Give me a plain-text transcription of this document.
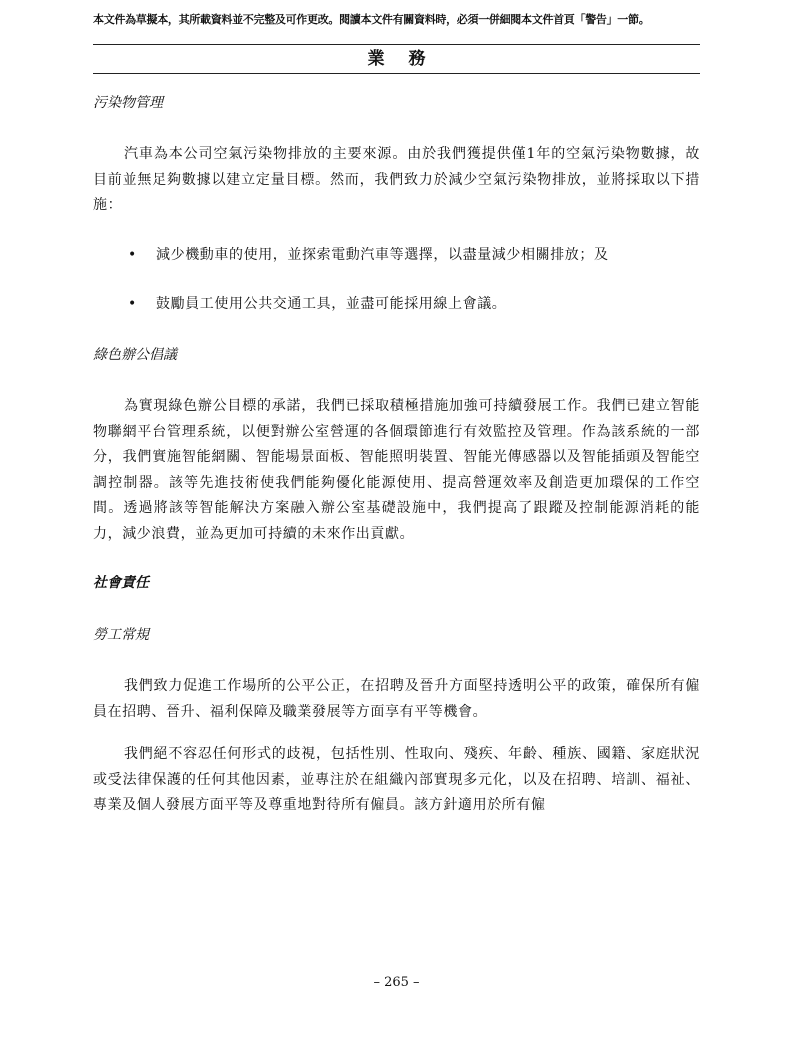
本文件為草擬本，其所載資料並不完整及可作更改。閱讀本文件有關資料時，必須一併細閱本文件首頁「警告」一節。
業務
污染物管理
汽車為本公司空氣污染物排放的主要來源。由於我們獲提供僅1年的空氣污染物數據，故目前並無足夠數據以建立定量目標。然而，我們致力於減少空氣污染物排放，並將採取以下措施：
• 減少機動車的使用，並探索電動汽車等選擇，以盡量減少相關排放；及
• 鼓勵員工使用公共交通工具，並盡可能採用線上會議。
綠色辦公倡議
為實現綠色辦公目標的承諾，我們已採取積極措施加強可持續發展工作。我們已建立智能物聯網平台管理系統，以便對辦公室營運的各個環節進行有效監控及管理。作為該系統的一部分，我們實施智能網關、智能場景面板、智能照明裝置、智能光傳感器以及智能插頭及智能空調控制器。該等先進技術使我們能夠優化能源使用、提高營運效率及創造更加環保的工作空間。透過將該等智能解決方案融入辦公室基礎設施中，我們提高了跟蹤及控制能源消耗的能力，減少浪費，並為更加可持續的未來作出貢獻。
社會責任
勞工常規
我們致力促進工作場所的公平公正，在招聘及晉升方面堅持透明公平的政策，確保所有僱員在招聘、晉升、福利保障及職業發展等方面享有平等機會。
我們絕不容忍任何形式的歧視，包括性別、性取向、殘疾、年齡、種族、國籍、家庭狀況或受法律保護的任何其他因素，並專注於在組織內部實現多元化，以及在招聘、培訓、福祉、專業及個人發展方面平等及尊重地對待所有僱員。該方針適用於所有僱
– 265 –
